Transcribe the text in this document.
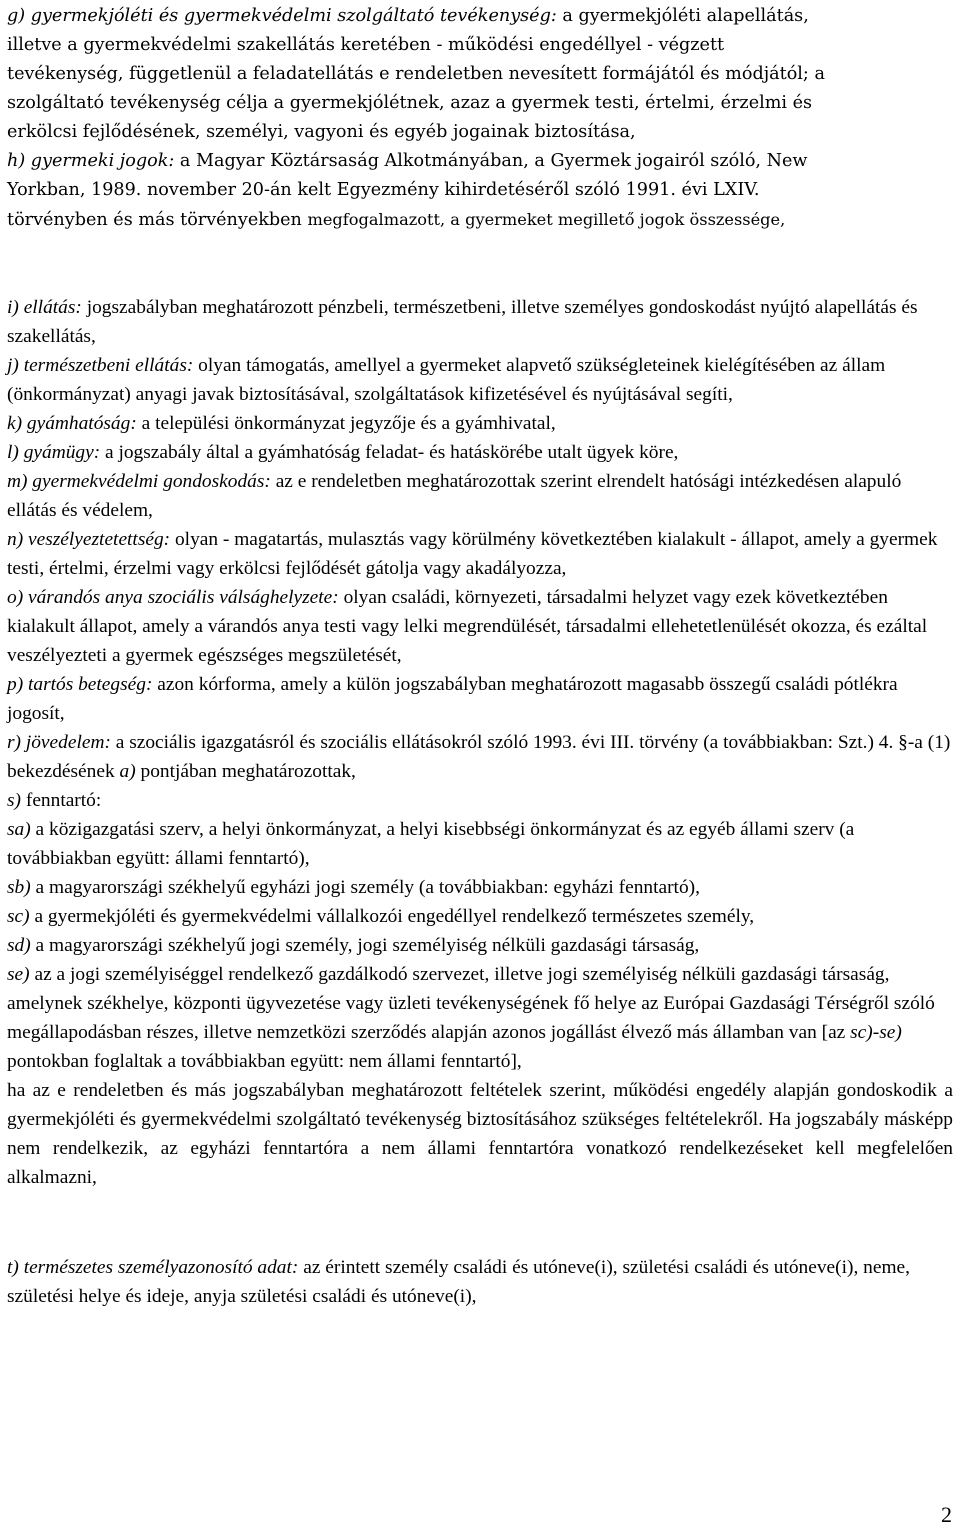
g) gyermekjóléti és gyermekvédelmi szolgáltató tevékenység: a gyermekjóléti alapellátás,

illetve a gyermekvédelmi szakellátás keretében - működési engedéllyel - végzett

tevékenység, függetlenül a feladatellátás e rendeletben nevesített formájától és módjától; a

szolgáltató tevékenység célja a gyermekjólétnek, azaz a gyermek testi, értelmi, érzelmi és

erkölcsi fejlődésének, személyi, vagyoni és egyéb jogainak biztosítása,

h) gyermeki jogok: a Magyar Köztársaság Alkotmányában, a Gyermek jogairól szóló, New

Yorkban, 1989. november 20-án kelt Egyezmény kihirdetéséről szóló 1991. évi LXIV.

törvényben és más törvényekben megfogalmazott, a gyermeket megillető jogok összessége,

i) ellátás: jogszabályban meghatározott pénzbeli, természetbeni, illetve személyes gondoskodást nyújtó alapellátás és szakellátás,

j) természetbeni ellátás: olyan támogatás, amellyel a gyermeket alapvető szükségleteinek kielégítésében az állam (önkormányzat) anyagi javak biztosításával, szolgáltatások kifizetésével és nyújtásával segíti,

k) gyámhatóság: a települési önkormányzat jegyzője és a gyámhivatal,

l) gyámügy: a jogszabály által a gyámhatóság feladat- és hatáskörébe utalt ügyek köre,

m) gyermekvédelmi gondoskodás: az e rendeletben meghatározottak szerint elrendelt hatósági intézkedésen alapuló ellátás és védelem,

n) veszélyeztetettség: olyan - magatartás, mulasztás vagy körülmény következtében kialakult - állapot, amely a gyermek testi, értelmi, érzelmi vagy erkölcsi fejlődését gátolja vagy akadályozza,

o) várandós anya szociális válsághelyzete: olyan családi, környezeti, társadalmi helyzet vagy ezek következtében kialakult állapot, amely a várandós anya testi vagy lelki megrendülését, társadalmi ellehetetlenülését okozza, és ezáltal veszélyezteti a gyermek egészséges megszületését,

p) tartós betegség: azon kórforma, amely a külön jogszabályban meghatározott magasabb összegű családi pótlékra jogosít,

r) jövedelem: a szociális igazgatásról és szociális ellátásokról szóló 1993. évi III. törvény (a továbbiakban: Szt.) 4. §-a (1) bekezdésének a) pontjában meghatározottak,

s) fenntartó:

sa) a közigazgatási szerv, a helyi önkormányzat, a helyi kisebbségi önkormányzat és az egyéb állami szerv (a továbbiakban együtt: állami fenntartó),

sb) a magyarországi székhelyű egyházi jogi személy (a továbbiakban: egyházi fenntartó),

sc) a gyermekjóléti és gyermekvédelmi vállalkozói engedéllyel rendelkező természetes személy,

sd) a magyarországi székhelyű jogi személy, jogi személyiség nélküli gazdasági társaság,

se) az a jogi személyiséggel rendelkező gazdálkodó szervezet, illetve jogi személyiség nélküli gazdasági társaság, amelynek székhelye, központi ügyvezetése vagy üzleti tevékenységének fő helye az Európai Gazdasági Térségről szóló megállapodásban részes, illetve nemzetközi szerződés alapján azonos jogállást élvező más államban van [az sc)-se) pontokban foglaltak a továbbiakban együtt: nem állami fenntartó],

ha az e rendeletben és más jogszabályban meghatározott feltételek szerint, működési engedély alapján gondoskodik a gyermekjóléti és gyermekvédelmi szolgáltató tevékenység biztosításához szükséges feltételekről. Ha jogszabály másképp nem rendelkezik, az egyházi fenntartóra a nem állami fenntartóra vonatkozó rendelkezéseket kell megfelelően alkalmazni,

t) természetes személyazonosító adat: az érintett személy családi és utóneve(i), születési családi és utóneve(i), neme, születési helye és ideje, anyja születési családi és utóneve(i),

2
